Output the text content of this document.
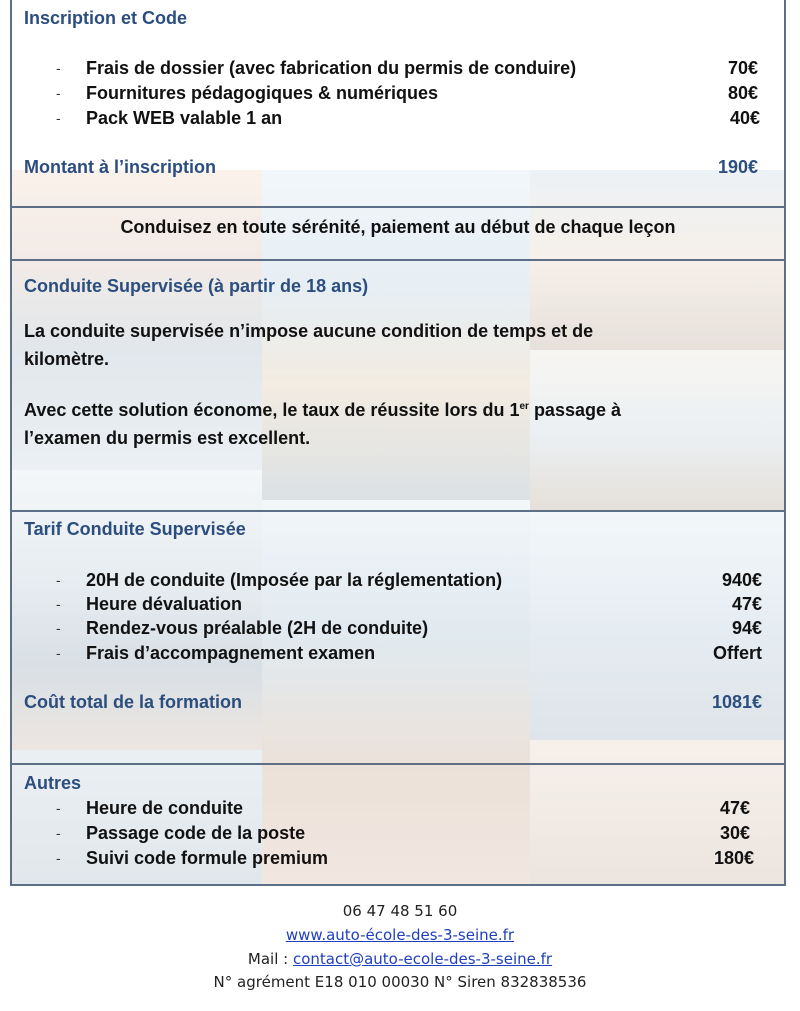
Inscription et Code
- Frais de dossier (avec fabrication du permis de conduire)	70€
- Fournitures pédagogiques & numériques	80€
- Pack WEB valable 1 an	40€
Montant à l’inscription	190€
Conduisez en toute sérénité, paiement au début de chaque leçon
Conduite Supervisée (à partir de 18 ans)
La conduite supervisée n’impose aucune condition de temps et de
kilomètre.
Avec cette solution économe, le taux de réussite lors du 1er passage à
l’examen du permis est excellent.
Tarif Conduite Supervisée
- 20H de conduite (Imposée par la réglementation)	940€
- Heure dévaluation	47€
- Rendez-vous préalable (2H de conduite)	94€
- Frais d’accompagnement examen	Offert
Coût total de la formation	1081€
Autres
- Heure de conduite	47€
- Passage code de la poste	30€
- Suivi code formule premium	180€
06 47 48 51 60
www.auto-école-des-3-seine.fr
Mail : contact@auto-ecole-des-3-seine.fr
N° agrément E18 010 00030 N° Siren 832838536
